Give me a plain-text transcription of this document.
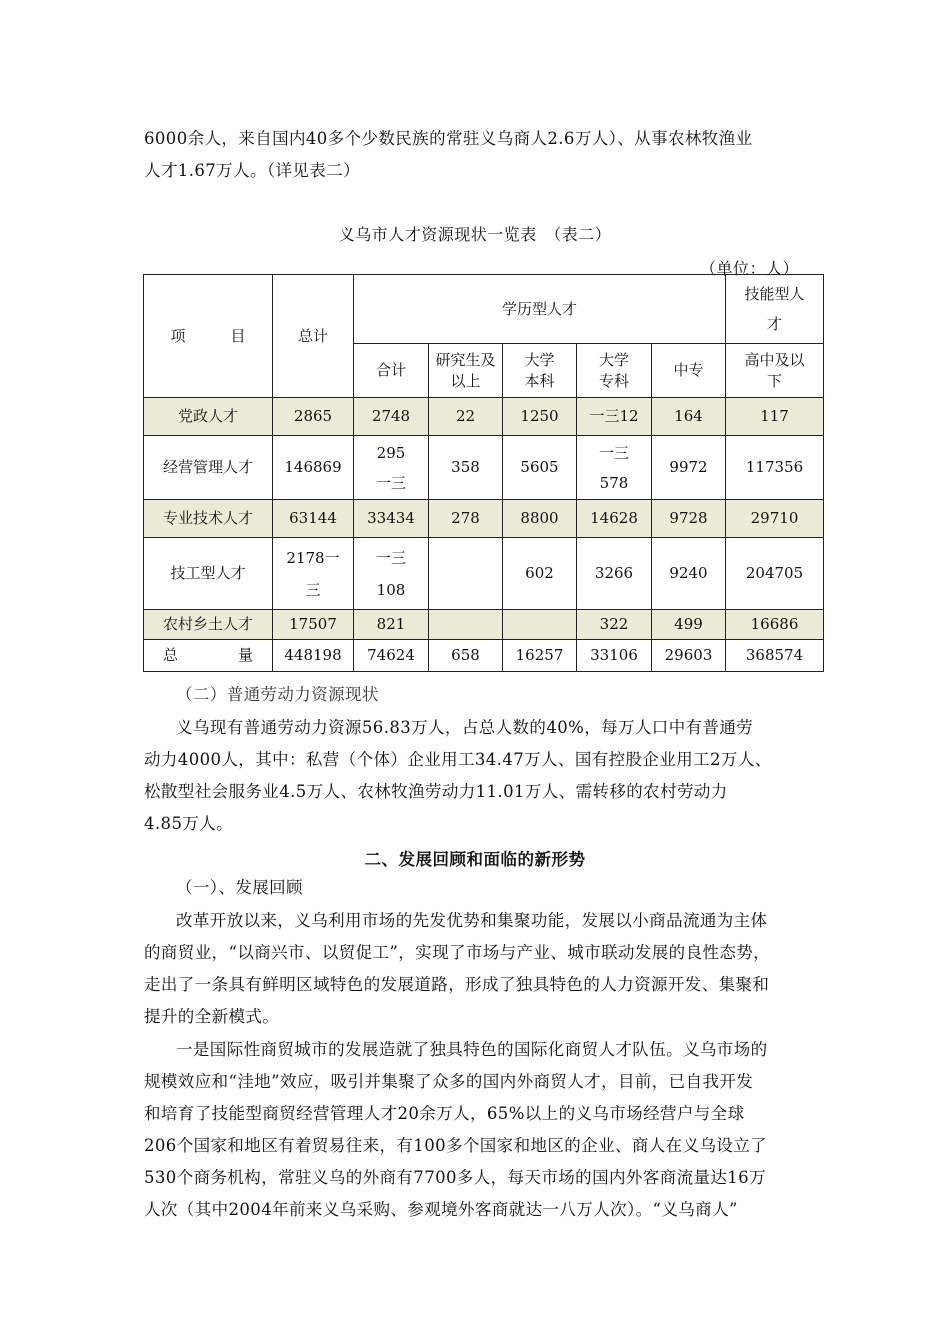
6000余人，来自国内40多个少数民族的常驻义乌商人2.6万人）、从事农林牧渔业

人才1.67万人。（详见表二）

义乌市人才资源现状一览表　（表二）
（单位：人）
项　　　目	总计	学历型人才					技能型人才
		合计	研究生及以上	大学本科	大学专科	中专	高中及以下
党政人才	2865	2748	22	1250	一三12	164	117
经营管理人才	146869	295一三	358	5605	一三578	9972	117356
专业技术人才	63144	33434	278	8800	14628	9728	29710
技工型人才	2178一三	一三108		602	3266	9240	204705
农村乡土人才	17507	821			322	499	16686
总　　　　量	448198	74624	658	16257	33106	29603	368574

（二）普通劳动力资源现状

义乌现有普通劳动力资源56.83万人，占总人数的40%，每万人口中有普通劳

动力4000人，其中：私营（个体）企业用工34.47万人、国有控股企业用工2万人、

松散型社会服务业4.5万人、农林牧渔劳动力11.01万人、需转移的农村劳动力

4.85万人。

二、发展回顾和面临的新形势

（一）、发展回顾

改革开放以来，义乌利用市场的先发优势和集聚功能，发展以小商品流通为主体

的商贸业，“以商兴市、以贸促工”，实现了市场与产业、城市联动发展的良性态势，

走出了一条具有鲜明区域特色的发展道路，形成了独具特色的人力资源开发、集聚和

提升的全新模式。

一是国际性商贸城市的发展造就了独具特色的国际化商贸人才队伍。义乌市场的

规模效应和“洼地”效应，吸引并集聚了众多的国内外商贸人才，目前，已自我开发

和培育了技能型商贸经营管理人才20余万人，65%以上的义乌市场经营户与全球

206个国家和地区有着贸易往来，有100多个国家和地区的企业、商人在义乌设立了

530个商务机构，常驻义乌的外商有7700多人，每天市场的国内外客商流量达16万

人次（其中2004年前来义乌采购、参观境外客商就达一八万人次）。“义乌商人”
